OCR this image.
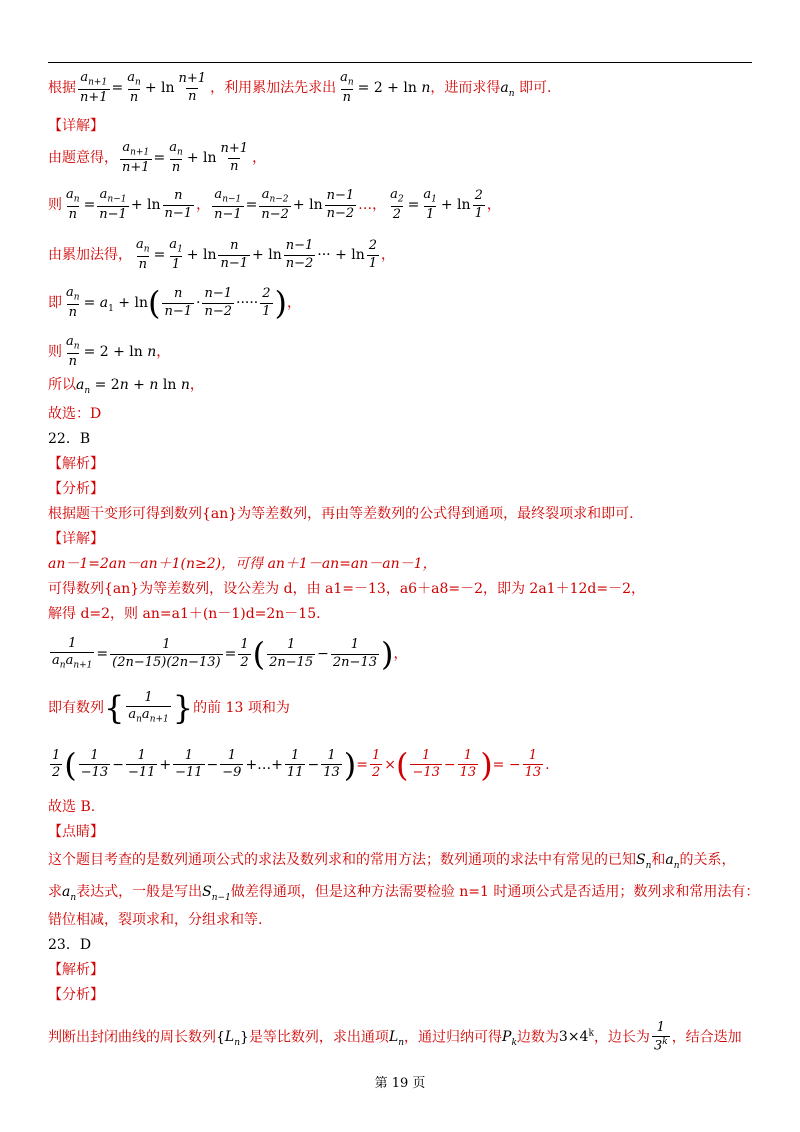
根据 $\frac{a_{n+1}}{n+1} = \frac{a_n}{n} + \ln \frac{n+1}{n}$ ，利用累加法先求出 $\frac{a_n}{n} = 2 + \ln n$，进而求得$a_n$ 即可.
【详解】
由题意得， $\frac{a_{n+1}}{n+1} = \frac{a_n}{n} + \ln \frac{n+1}{n}$ ，
则 $\frac{a_n}{n} = \frac{a_{n-1}}{n-1} + \ln \frac{n}{n-1}$ ， $\frac{a_{n-1}}{n-1} = \frac{a_{n-2}}{n-2} + \ln \frac{n-1}{n-2}$ …， $\frac{a_2}{2} = \frac{a_1}{1} + \ln \frac{2}{1}$ ，
由累加法得， $\frac{a_n}{n} = \frac{a_1}{1} + \ln \frac{n}{n-1} + \ln \frac{n-1}{n-2}$ ··· + $\ln \frac{2}{1}$ ，
即 $\frac{a_n}{n} = a_1 + \ln( \frac{n}{n-1} \cdot \frac{n-1}{n-2}$ ····· $\frac{2}{1}$ )，
则 $\frac{a_n}{n} = 2 + \ln n$，
所以$a_n = 2n + n$ ln n，
故选：D
22．B
【解析】
【分析】
根据题干变形可得到数列{an}为等差数列，再由等差数列的公式得到通项，最终裂项求和即可.
【详解】
an－1=2an－an＋1(n≥2)，可得 an＋1－an=an－an－1，
可得数列{an}为等差数列，设公差为 d，由 a1=－13，a6＋a8=－2，即为 2a1＋12d=－2，
解得 d=2，则 an=a1＋(n－1)d=2n－15.
$\frac{1}{a_na_{n+1}} = \frac{1}{(2n-15)(2n-13)} = \frac{1}{2}$ ( $\frac{1}{2n-15} - \frac{1}{2n-13}$ )，
即有数列{ $\frac{1}{a_na_{n+1}}$ }的前 13 项和为
$\frac{1}{2}$ ( $\frac{1}{-13} - \frac{1}{-11} + \frac{1}{-11} - \frac{1}{-9}$ +…+ $\frac{1}{11} - \frac{1}{13}$ )= $\frac{1}{2}$ ×( $\frac{1}{-13} - \frac{1}{13}$ )= − $\frac{1}{13}$ .
故选 B.
【点睛】
这个题目考查的是数列通项公式的求法及数列求和的常用方法；数列通项的求法中有常见的已知$S_n$和$a_n$的关系，
求$a_n$表达式，一般是写出$S_{n-1}$做差得通项，但是这种方法需要检验 n=1 时通项公式是否适用；数列求和常用法有：
错位相减，裂项求和，分组求和等.
23．D
【解析】
【分析】
判断出封闭曲线的周长数列$\{L_n\}$是等比数列，求出通项$L_n$，通过归纳可得$P_k$边数为$3\times 4^k$，边长为 $\frac{1}{3^k}$ ，结合迭加
第 19 页
